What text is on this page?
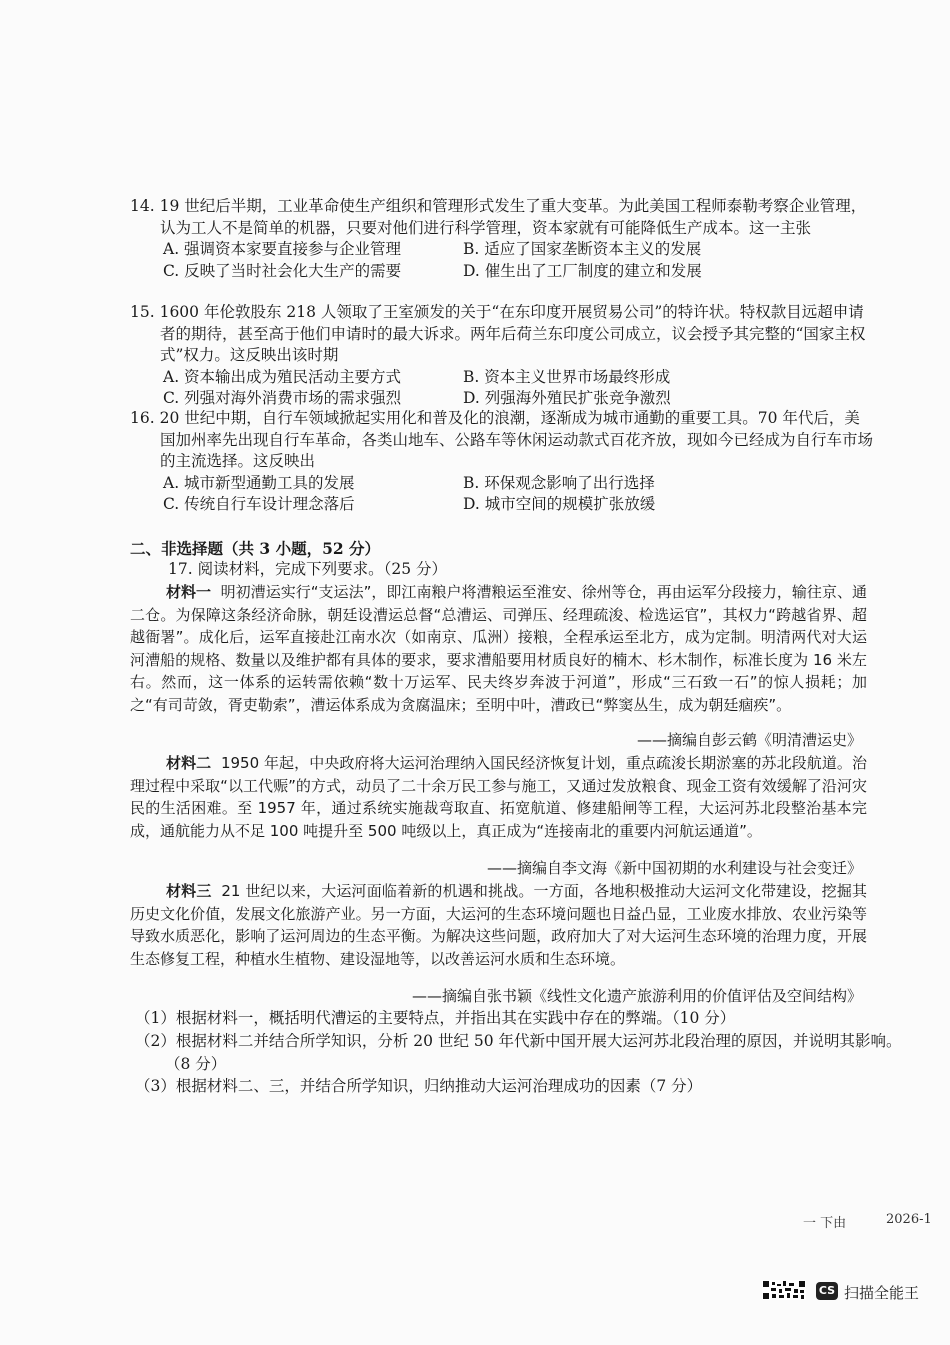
14. 19 世纪后半期，工业革命使生产组织和管理形式发生了重大变革。为此美国工程师泰勒考察企业管理，认为工人不是简单的机器，只要对他们进行科学管理，资本家就有可能降低生产成本。这一主张

A. 强调资本家要直接参与企业管理	B. 适应了国家垄断资本主义的发展
C. 反映了当时社会化大生产的需要	D. 催生出了工厂制度的建立和发展

15. 1600 年伦敦股东 218 人领取了王室颁发的关于“在东印度开展贸易公司”的特许状。特权款目远超申请者的期待，甚至高于他们申请时的最大诉求。两年后荷兰东印度公司成立，议会授予其完整的“国家主权式”权力。这反映出该时期

A. 资本输出成为殖民活动主要方式	B. 资本主义世界市场最终形成
C. 列强对海外消费市场的需求强烈	D. 列强海外殖民扩张竞争激烈

16. 20 世纪中期，自行车领域掀起实用化和普及化的浪潮，逐渐成为城市通勤的重要工具。70 年代后，美国加州率先出现自行车革命，各类山地车、公路车等休闲运动款式百花齐放，现如今已经成为自行车市场的主流选择。这反映出

A. 城市新型通勤工具的发展	B. 环保观念影响了出行选择
C. 传统自行车设计理念落后	D. 城市空间的规模扩张放缓
二、非选择题（共 3 小题，52 分）
17. 阅读材料，完成下列要求。（25 分）

材料一 明初漕运实行“支运法”，即江南粮户将漕粮运至淮安、徐州等仓，再由运军分段接力，输往京、通二仓。为保障这条经济命脉，朝廷设漕运总督“总漕运、司弹压、经理疏浚、检选运官”，其权力“跨越省界、超越衙署”。成化后，运军直接赴江南水次（如南京、瓜洲）接粮，全程承运至北方，成为定制。明清两代对大运河漕船的规格、数量以及维护都有具体的要求，要求漕船要用材质良好的楠木、杉木制作，标准长度为 16 米左右。然而，这一体系的运转需依赖“数十万运军、民夫终岁奔波于河道”，形成“三石致一石”的惊人损耗；加之“有司苛敛，胥吏勒索”，漕运体系成为贪腐温床；至明中叶，漕政已“弊窦丛生，成为朝廷痼疾”。

——摘编自彭云鹤《明清漕运史》

材料二 1950 年起，中央政府将大运河治理纳入国民经济恢复计划，重点疏浚长期淤塞的苏北段航道。治理过程中采取“以工代赈”的方式，动员了二十余万民工参与施工，又通过发放粮食、现金工资有效缓解了沿河灾民的生活困难。至 1957 年，通过系统实施裁弯取直、拓宽航道、修建船闸等工程，大运河苏北段整治基本完成，通航能力从不足 100 吨提升至 500 吨级以上，真正成为“连接南北的重要内河航运通道”。

——摘编自李文海《新中国初期的水利建设与社会变迁》

材料三 21 世纪以来，大运河面临着新的机遇和挑战。一方面，各地积极推动大运河文化带建设，挖掘其历史文化价值，发展文化旅游产业。另一方面，大运河的生态环境问题也日益凸显，工业废水排放、农业污染等导致水质恶化，影响了运河周边的生态平衡。为解决这些问题，政府加大了对大运河生态环境的治理力度，开展生态修复工程，种植水生植物、建设湿地等，以改善运河水质和生态环境。

——摘编自张书颖《线性文化遗产旅游利用的价值评估及空间结构》

（1）根据材料一，概括明代漕运的主要特点，并指出其在实践中存在的弊端。（10 分）

（2）根据材料二并结合所学知识，分析 20 世纪 50 年代新中国开展大运河苏北段治理的原因，并说明其影响。（8 分）

（3）根据材料二、三，并结合所学知识，归纳推动大运河治理成功的因素（7 分）

一 下由	2026-1
CS 扫描全能王
